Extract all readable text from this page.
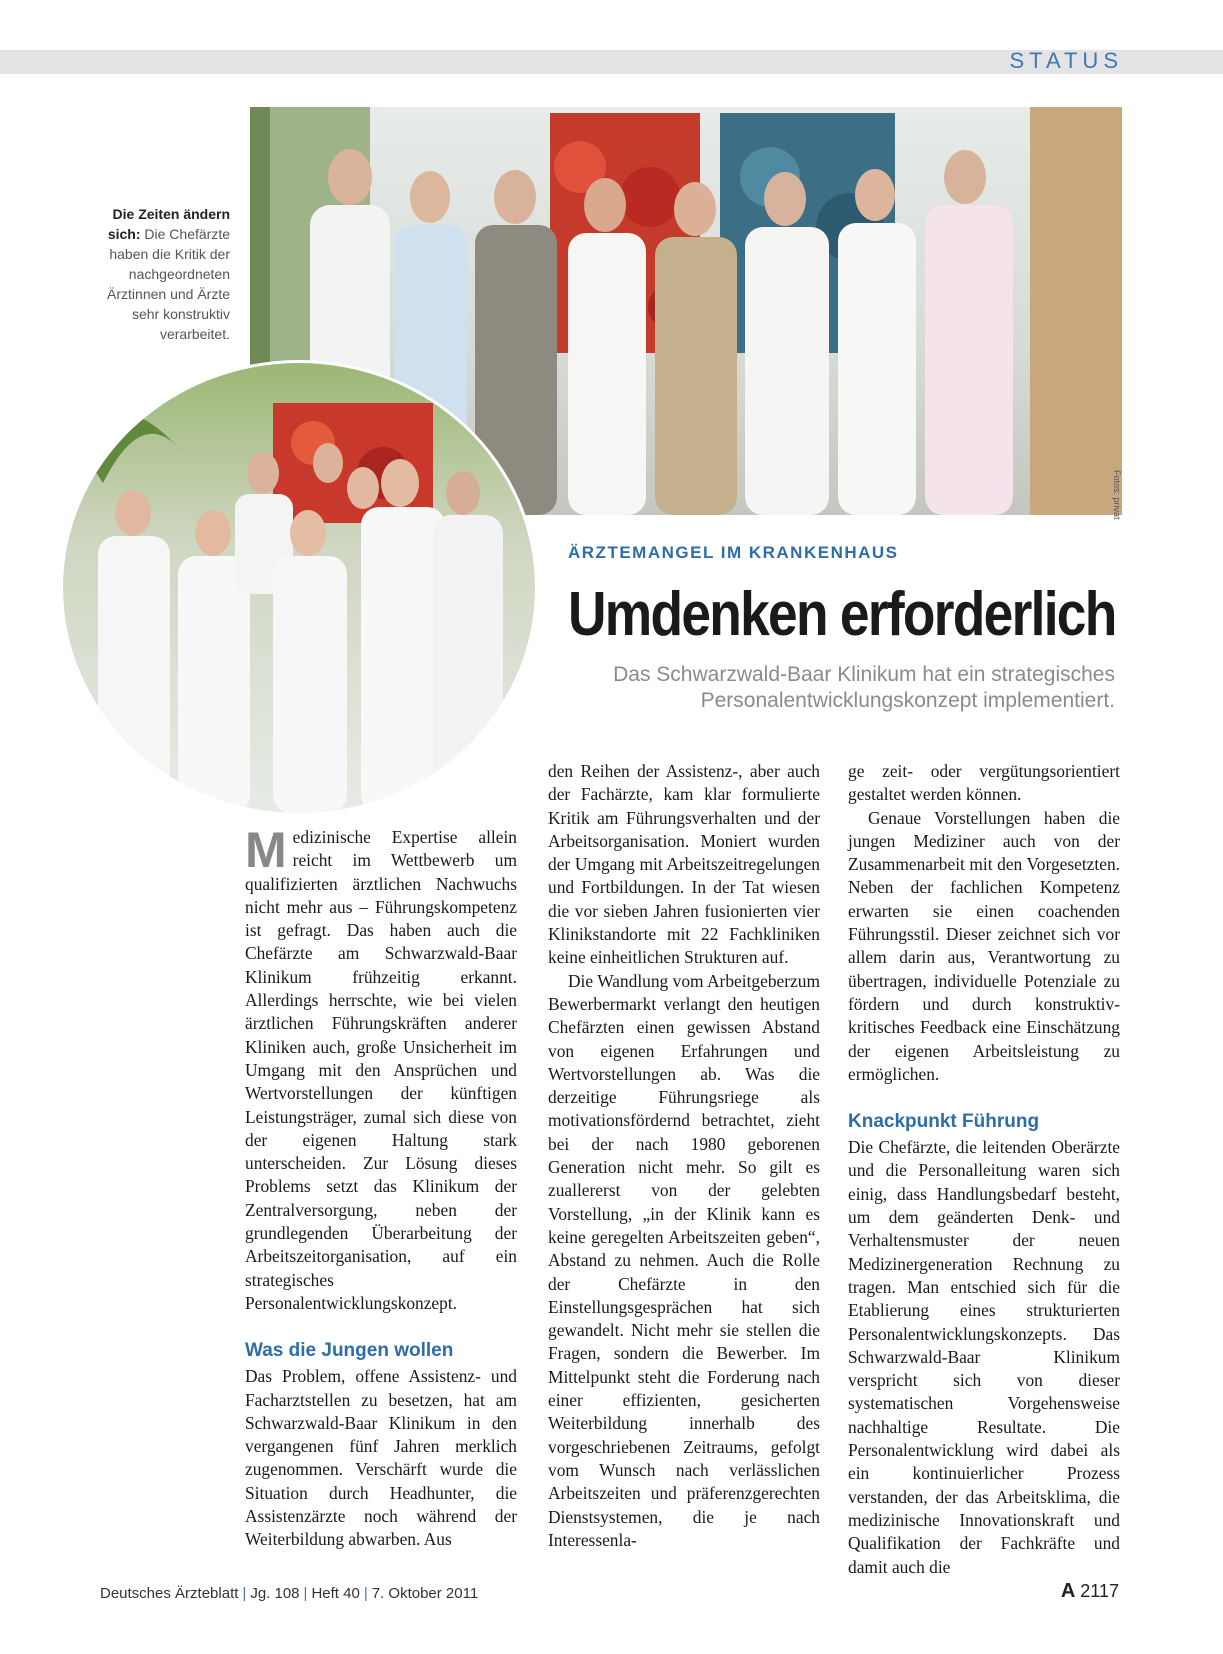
STATUS
Die Zeiten ändern sich: Die Chefärzte haben die Kritik der nachgeordneten Ärztinnen und Ärzte sehr konstruktiv verarbeitet.
Fotos: privat
ÄRZTEMANGEL IM KRANKENHAUS
Umdenken erforderlich
Das Schwarzwald-Baar Klinikum hat ein strategisches Personalentwicklungskonzept implementiert.

Medizinische Expertise allein reicht im Wettbewerb um qualifizierten ärztlichen Nachwuchs nicht mehr aus – Führungskompetenz ist gefragt. Das haben auch die Chefärzte am Schwarzwald-Baar Klinikum frühzeitig erkannt. Allerdings herrschte, wie bei vielen ärztlichen Führungskräften anderer Kliniken auch, große Unsicherheit im Umgang mit den Ansprüchen und Wertvorstellungen der künftigen Leistungsträger, zumal sich diese von der eigenen Haltung stark unterscheiden. Zur Lösung dieses Problems setzt das Klinikum der Zentralversorgung, neben der grundlegenden Überarbeitung der Arbeitszeitorganisation, auf ein strategisches Personalentwicklungskonzept.

Was die Jungen wollen

Das Problem, offene Assistenz- und Facharztstellen zu besetzen, hat am Schwarzwald-Baar Klinikum in den vergangenen fünf Jahren merklich zugenommen. Verschärft wurde die Situation durch Headhunter, die Assistenzärzte noch während der Weiterbildung abwarben. Aus

den Reihen der Assistenz-, aber auch der Fachärzte, kam klar formulierte Kritik am Führungsverhalten und der Arbeitsorganisation. Moniert wurden der Umgang mit Arbeitszeitregelungen und Fortbildungen. In der Tat wiesen die vor sieben Jahren fusionierten vier Klinikstandorte mit 22 Fachkliniken keine einheitlichen Strukturen auf.

Die Wandlung vom Arbeitgeberzum Bewerbermarkt verlangt den heutigen Chefärzten einen gewissen Abstand von eigenen Erfahrungen und Wertvorstellungen ab. Was die derzeitige Führungsriege als motivationsfördernd betrachtet, zieht bei der nach 1980 geborenen Generation nicht mehr. So gilt es zuallererst von der gelebten Vorstellung, „in der Klinik kann es keine geregelten Arbeitszeiten geben“, Abstand zu nehmen. Auch die Rolle der Chefärzte in den Einstellungsgesprächen hat sich gewandelt. Nicht mehr sie stellen die Fragen, sondern die Bewerber. Im Mittelpunkt steht die Forderung nach einer effizienten, gesicherten Weiterbildung innerhalb des vorgeschriebenen Zeitraums, gefolgt vom Wunsch nach verlässlichen Arbeitszeiten und präferenzgerechten Dienstsystemen, die je nach Interessenla-

ge zeit- oder vergütungsorientiert gestaltet werden können.

Genaue Vorstellungen haben die jungen Mediziner auch von der Zusammenarbeit mit den Vorgesetzten. Neben der fachlichen Kompetenz erwarten sie einen coachenden Führungsstil. Dieser zeichnet sich vor allem darin aus, Verantwortung zu übertragen, individuelle Potenziale zu fördern und durch konstruktiv-kritisches Feedback eine Einschätzung der eigenen Arbeitsleistung zu ermöglichen.

Knackpunkt Führung

Die Chefärzte, die leitenden Oberärzte und die Personalleitung waren sich einig, dass Handlungsbedarf besteht, um dem geänderten Denk- und Verhaltensmuster der neuen Medizinergeneration Rechnung zu tragen. Man entschied sich für die Etablierung eines strukturierten Personalentwicklungskonzepts. Das Schwarzwald-Baar Klinikum verspricht sich von dieser systematischen Vorgehensweise nachhaltige Resultate. Die Personalentwicklung wird dabei als ein kontinuierlicher Prozess verstanden, der das Arbeitsklima, die medizinische Innovationskraft und Qualifikation der Fachkräfte und damit auch die

Deutsches Ärzteblatt | Jg. 108 | Heft 40 | 7. Oktober 2011	A 2117
